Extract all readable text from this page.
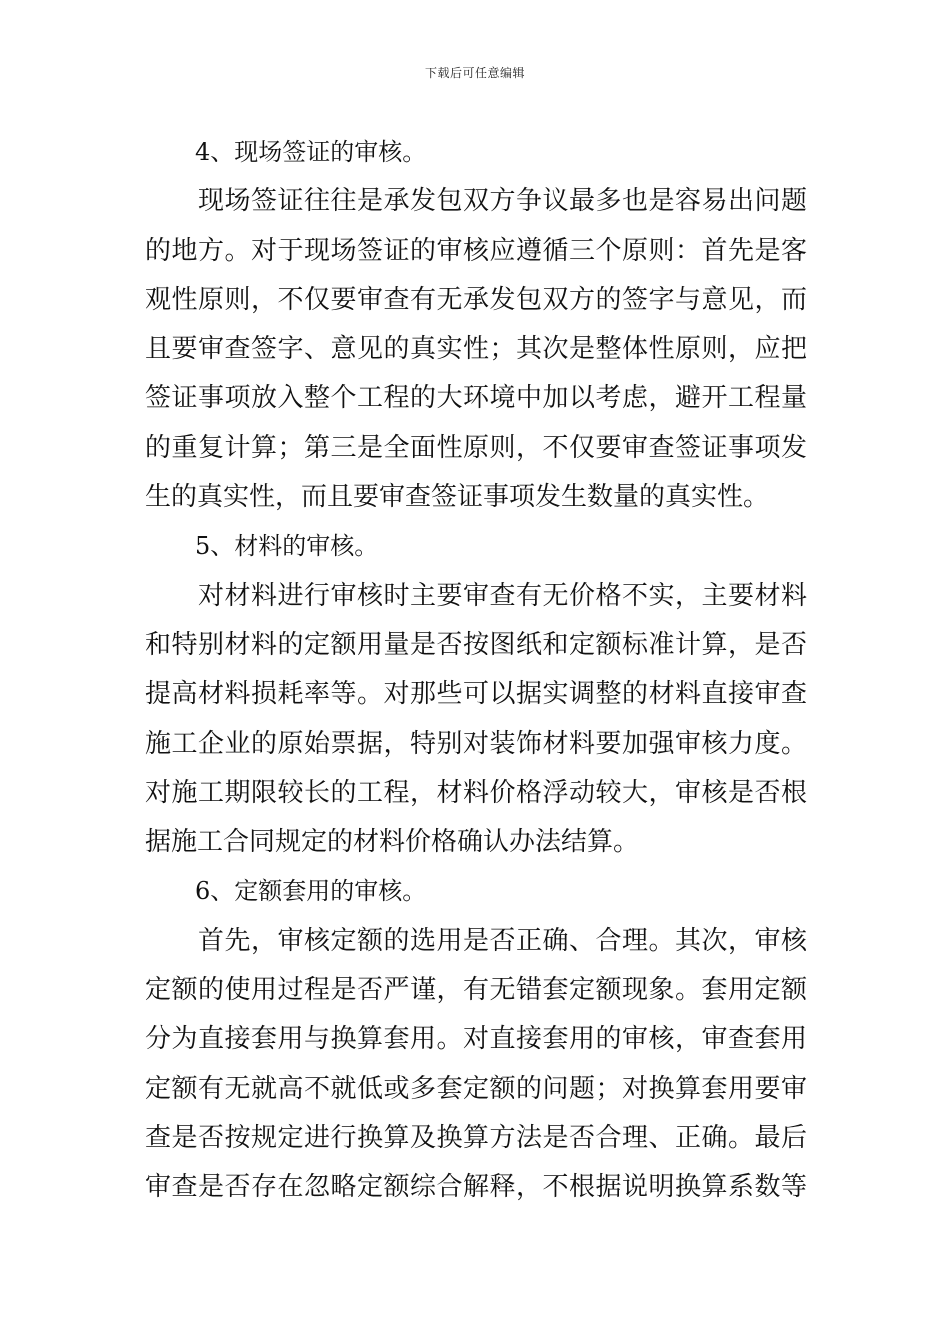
下载后可任意编辑
4、现场签证的审核。
　　现场签证往往是承发包双方争议最多也是容易出问题
的地方。对于现场签证的审核应遵循三个原则：首先是客
观性原则，不仅要审查有无承发包双方的签字与意见，而
且要审查签字、意见的真实性；其次是整体性原则，应把
签证事项放入整个工程的大环境中加以考虑，避开工程量
的重复计算；第三是全面性原则，不仅要审查签证事项发
生的真实性，而且要审查签证事项发生数量的真实性。
5、材料的审核。
　　对材料进行审核时主要审查有无价格不实，主要材料
和特别材料的定额用量是否按图纸和定额标准计算，是否
提高材料损耗率等。对那些可以据实调整的材料直接审查
施工企业的原始票据，特别对装饰材料要加强审核力度。
对施工期限较长的工程，材料价格浮动较大，审核是否根
据施工合同规定的材料价格确认办法结算。
6、定额套用的审核。
　　首先，审核定额的选用是否正确、合理。其次，审核
定额的使用过程是否严谨，有无错套定额现象。套用定额
分为直接套用与换算套用。对直接套用的审核，审查套用
定额有无就高不就低或多套定额的问题；对换算套用要审
查是否按规定进行换算及换算方法是否合理、正确。最后
审查是否存在忽略定额综合解释，不根据说明换算系数等
